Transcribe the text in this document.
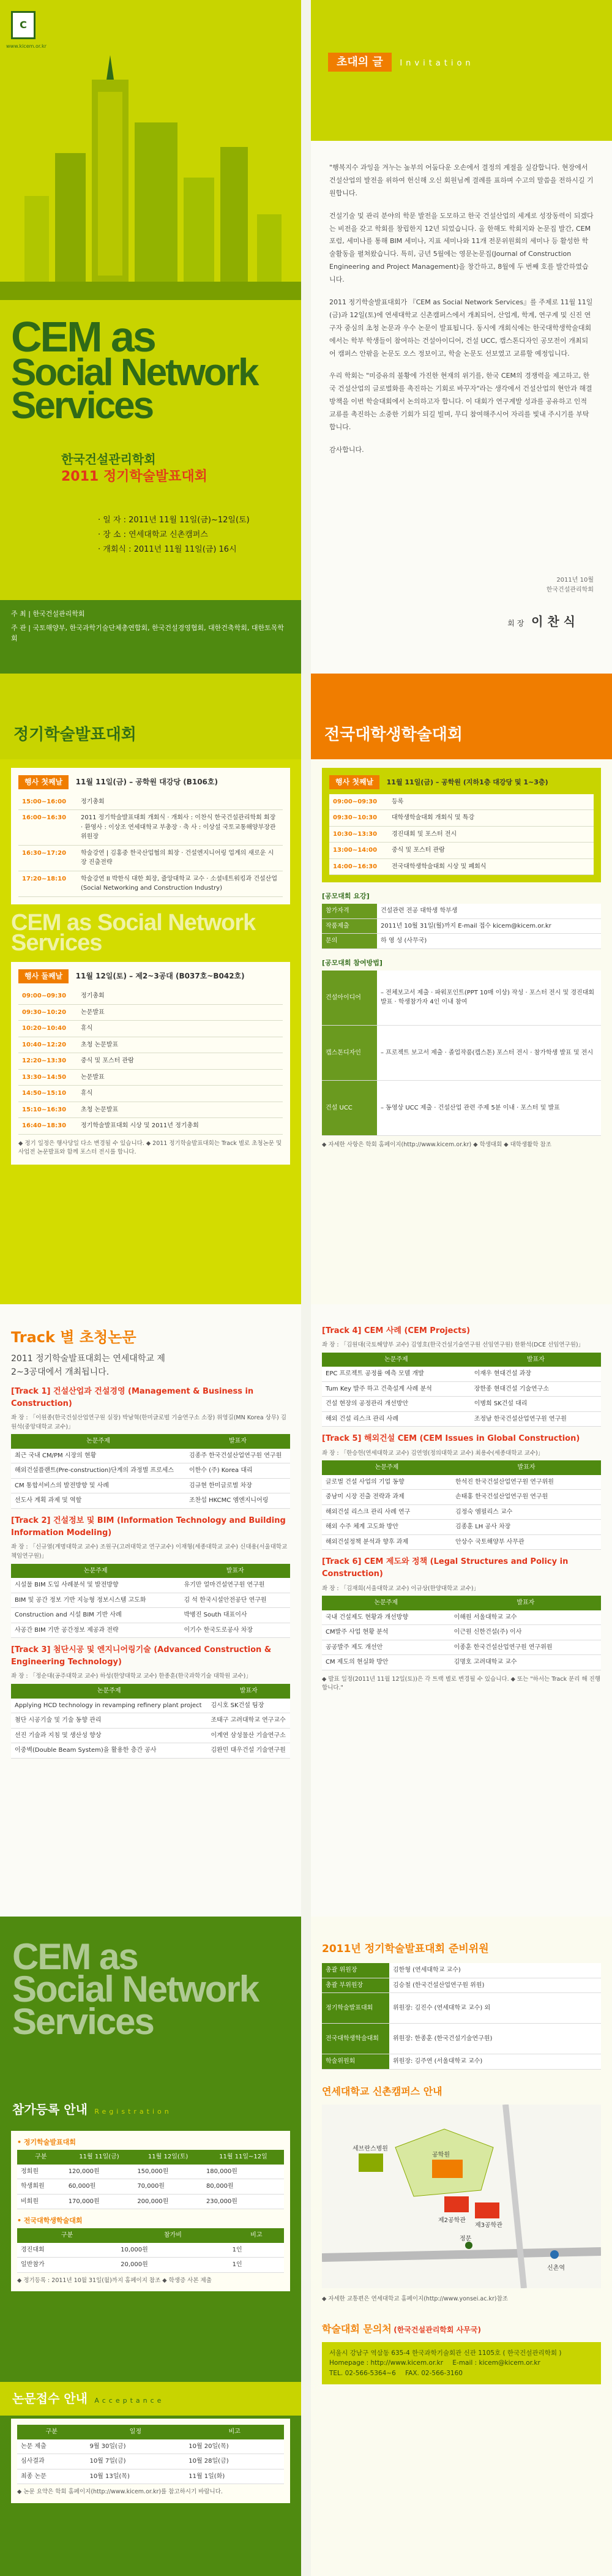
C
www.kicem.or.kr
CEM as
Social Network
Services
한국건설관리학회
2011 정기학술발표대회
· 일 자 : 2011년 11월 11일(금)~12일(토)
· 장 소 : 연세대학교 신촌캠퍼스
· 개회식 : 2011년 11월 11일(금) 16시
주 최 | 한국건설관리학회
주 관 | 국토해양부, 한국과학기술단체총연합회, 한국건설경영협회, 대한건축학회, 대한토목학회
초대의 글 Invitation

"행복지수 과잉을 겨누는 높부의 어둠다운 오손에서 결정의 계절을 실감합니다. 현장에서 건설산업의 발전을 위하여 헌신해 오신 회원님께 결례를 표하며 수고의 말씀을 전하시길 기원합니다.

건설기술 및 관리 분야의 학문 발전을 도모하고 한국 건설산업의 세계로 성장동력이 되겠다는 비전을 갖고 학회를 창립한지 12년 되었습니다. 올 한해도 학회지와 논문집 발간, CEM 포럼, 세미나를 통해 BIM 세미나, 지표 세미나와 11개 전문위원회의 세미나 등 활성한 학술활동을 펼쳐왔습니다. 특히, 금년 5월에는 영문논문집(Journal of Construction Engineering and Project Management)을 창간하고, 8월에 두 번째 호를 발간하였습니다.

2011 정기학술발표대회가 『CEM as Social Network Services』를 주제로 11월 11일(금)과 12일(토)에 연세대학교 신촌캠퍼스에서 개최되어, 산업계, 학계, 연구계 및 신진 연구자 중심의 초청 논문과 우수 논문이 발표됩니다. 동시에 개회식에는 한국대학생학술대회에서는 학부 학생들이 참여하는 건설아이디어, 건설 UCC, 캡스톤디자인 공모전이 개최되어 캠퍼스 안팎을 논문도 오스 정보이고, 학술 논문도 선보였고 교류할 예정입니다.

우리 학회는 "미증유의 불황에 가진한 현재의 위기를, 한국 CEM의 경쟁력을 제고하고, 한국 건설산업의 글로벌화를 촉진하는 기회로 바꾸자"라는 생각에서 건설산업의 현안과 해결방책을 이번 학술대회에서 논의하고자 합니다. 이 대회가 연구계발 성과를 공유하고 인적 교류를 촉진하는 소중한 기회가 되길 빌며, 무디 참여해주시어 자리를 빛내 주시기를 부탁합니다.

감사합니다.

2011년 10월
한국건설관리학회
회 장 이 찬 식
정기학술발표대회
행사 첫째날 11월 11일(금) – 공학원 대강당 (B106호)
15:00~16:00	정기총회
16:00~16:30	2011 정기학술발표대회 개회식 · 개회사 : 이찬식 한국건설관리학회 회장 · 환영사 : 이상조 연세대학교 부총장 · 축 사 : 이상설 국토교통해양부장관 위원장
16:30~17:20	학술강연 | 김홍중 한국산업협의 회장 · 건설엔지니어링 업계의 새로운 시장 진출전략
17:20~18:10	학술강연 II 박한식 대한 회장, 쥴앙대학교 교수 · 소셜네트워킹과 건설산업 (Social Networking and Construction Industry)
CEM as Social Network Services
행사 둘째날 11월 12일(토) – 제2~3공대 (B037호~B042호)
09:00~09:30	정기총회
09:30~10:20	논문발표
10:20~10:40	휴식
10:40~12:20	초청 논문발표
12:20~13:30	중식 및 포스터 관람
13:30~14:50	논문발표
14:50~15:10	휴식
15:10~16:30	초청 논문발표
16:40~18:30	정기학술발표대회 시상 및 2011년 정기총회
◆ 정기 일정은 행사당일 다소 변경될 수 있습니다. ◆ 2011 정기학술발표대회는 Track 별로 초청논문 및 사업전 논문발표와 함께 포스터 전시를 합니다.
전국대학생학술대회
행사 첫째날 11월 11일(금) – 공학원 (지하1층 대강당 및 1~3층)
09:00~09:30	등록
09:30~10:30	대학생학술대회 개회식 및 특강
10:30~13:30	경진대회 및 포스터 전시
13:00~14:00	중식 및 포스터 관람
14:00~16:30	전국대학생학술대회 시상 및 폐회식
[공모대회 요강]
참가자격	건설관련 전공 대학생 학부생
작품제출	2011년 10월 31일(월)까지 E-mail 접수 kicem@kicem.or.kr
문의	하 영 성 (사무국)
[공모대회 참여방법]
건설아이디어	– 전체보고서 제출 · 파워포인트(PPT 10매 이상) 작성 · 포스터 전시 및 경진대회 발표 · 학생참가자 4인 이내 참여
캡스톤디자인	– 프로젝트 보고서 제출 · 졸업작품(캡스톤) 포스터 전시 · 참가학생 발표 및 전시
건설 UCC	– 동영상 UCC 제출 · 건설산업 관련 주제 5분 이내 · 포스터 및 발표
◆ 자세한 사항은 학회 홈페이지(http://www.kicem.or.kr) ◆ 학생대회 ◆ 대학생활학 참조
Track 별 초청논문
2011 정기학술발표대회는 연세대학교 제2~3공대에서 개최됩니다.
[Track 1] 건설산업과 건설경영 (Management & Business in Construction)
좌 장 : 「이원종(한국건설산업연구원 실장) 박남혁(한미글로벌 기술연구소 소장) 위영길(MN Korea 상무) 김원석(중앙대학교 교수)」
논문주제	발표자
최근 국내 CM/PM 시장의 현황	김종주 한국건설산업연구원 연구원
해외건설플랜트(Pre-construction)단계의 과정별 프로세스	이한수 (주) Korea 대리
CM 통합서비스의 발전방향 및 사례	김규현 한미글로벌 차장
선도사 계획 과제 및 역할	조찬섭 HKCMC 엠엔지니어링
[Track 2] 건설정보 및 BIM (Information Technology and Building Information Modeling)
좌 장 : 「신규열(계명대학교 교수) 조원구(고려대학교 연구교수) 이재형(세종대학교 교수) 신대용(서울대학교 책임연구원)」
논문주제	발표자
시설물 BIM 도입 사례분석 및 발전방향	유기만 얼마건설연구원 연구원
BIM 및 공간 정보 기반 지능형 정보시스템 고도화	김 석 한국시설안전공단 연구원
Construction and 시설 BIM 기반 사례	박병진 South 대표이사
사공간 BIM 기반 공간정보 제공과 전략	이기수 한국도로공사 차장
[Track 3] 첨단시공 및 엔지니어링기술 (Advanced Construction & Engineering Technology)
좌 장 : 「정순대(공주대학교 교수) 하성(한양대학교 교수) 한종훈(한국과학기술 대학원 교수)」
논문주제	발표자
Applying HCD technology in revamping refinery plant project	김시호 SK건설 팀장
첨단 시공기술 및 기술 동향 관리	조태구 고려대학교 연구교수
선진 기술과 지침 및 생산성 향상	이계연 삼성물산 기술연구소
이중벽(Double Beam System)을 활용한 층간 공사	김완민 대우건설 기술연구원
[Track 4] CEM 사례 (CEM Projects)
좌 장 : 「김원대(국토해양부 교수) 김영호(한국건설기술연구원 선임연구원) 한환석(DCE 선임연구원)」
논문주제	발표자
EPC 프로젝트 공정률 예측 모델 개발	이재우 현대건설 과장
Tum Key 발주 하고 건축설계 사례 분석	장한종 현대건설 기술연구소
건설 현장의 공정관리 개선방안	이병희 SK건설 대리
해외 건설 리스크 관리 사례	조정남 한국건설산업연구원 연구원
[Track 5] 해외건설 CEM (CEM Issues in Global Construction)
좌 장 : 「한승헌(연세대학교 교수) 김연영(정의대학교 교수) 최용수(세종대학교 교수)」
논문주제	발표자
글로벌 건설 사업의 기업 동향	한석진 한국건설산업연구원 연구위원
중남미 시장 진출 전략과 과제	손태홍 한국건설산업연구원 연구원
해외건설 리스크 관리 사례 연구	김정숙 엠필리스 교수
해외 수주 체계 고도화 방안	김종훈 LH 공사 차장
해외건설정책 분석과 향후 과제	안상수 국토해양부 사무관
[Track 6] CEM 제도와 정책 (Legal Structures and Policy in Construction)
좌 장 : 「김재희(서울대학교 교수) 이규상(한양대학교 교수)」
논문주제	발표자
국내 건설제도 현황과 개선방향	이해원 서울대학교 교수
CM발주 사업 현황 분석	이근원 신한건설(주) 이사
공공발주 제도 개선안	이종훈 한국건설산업연구원 연구위원
CM 제도의 현실화 방안	김명호 고려대학교 교수
◆ 발표 일정(2011년 11월 12일(토))은 각 트랙 별로 변경될 수 있습니다. ◆ 또는 "하서는 Track 분리 해 진행합니다."
CEM as
Social Network
Services
참가등록 안내 Registration
• 정기학술발표대회
구분	11월 11일(금)	11월 12일(토)	11월 11일~12일
정회원	120,000원	150,000원	180,000원
학생회원	60,000원	70,000원	80,000원
비회원	170,000원	200,000원	230,000원
• 전국대학생학술대회
구분	참가비	비고
경진대회	10,000원	1인
일반참가	20,000원	1인
◆ 정기등록 : 2011년 10월 31일(월)까지 홈페이지 참조 ◆ 학생증 사본 제출
논문접수 안내 Acceptance
구분	일정	비고
논문 제출	9월 30일(금)	10월 20일(목)
심사결과	10월 7일(금)	10월 28일(금)
최종 논문	10월 13일(목)	11월 1일(화)
◆ 논문 요약은 학회 홈페이지(http://www.kicem.or.kr)를 참고하시기 바랍니다.
2011년 정기학술발표대회 준비위원
총괄 위원장	김한형 (연세대학교 교수)
총괄 부위원장	김승철 (한국건설산업연구원 위원)
정기학술발표대회	위원장: 김진수 (연세대학교 교수) 외
전국대학생학술대회	위원장: 한종훈 (한국건설기술연구원)
학술위원회	위원장: 김주연 (서울대학교 교수)
연세대학교 신촌캠퍼스 안내
세브란스병원
공학원
제2공학관
제3공학관
정문
신촌역
◆ 자세한 교통편은 연세대학교 홈페이지(http://www.yonsei.ac.kr)참조
학술대회 문의처 (한국건설관리학회 사무국)
서울시 강남구 역삼동 635-4 한국과학기술회관 신관 1105호 ( 한국건설관리학회 )
Homepage : http://www.kicem.or.kr E-mail : kicem@kicem.or.kr
TEL. 02-566-5364~6 FAX. 02-566-3160
